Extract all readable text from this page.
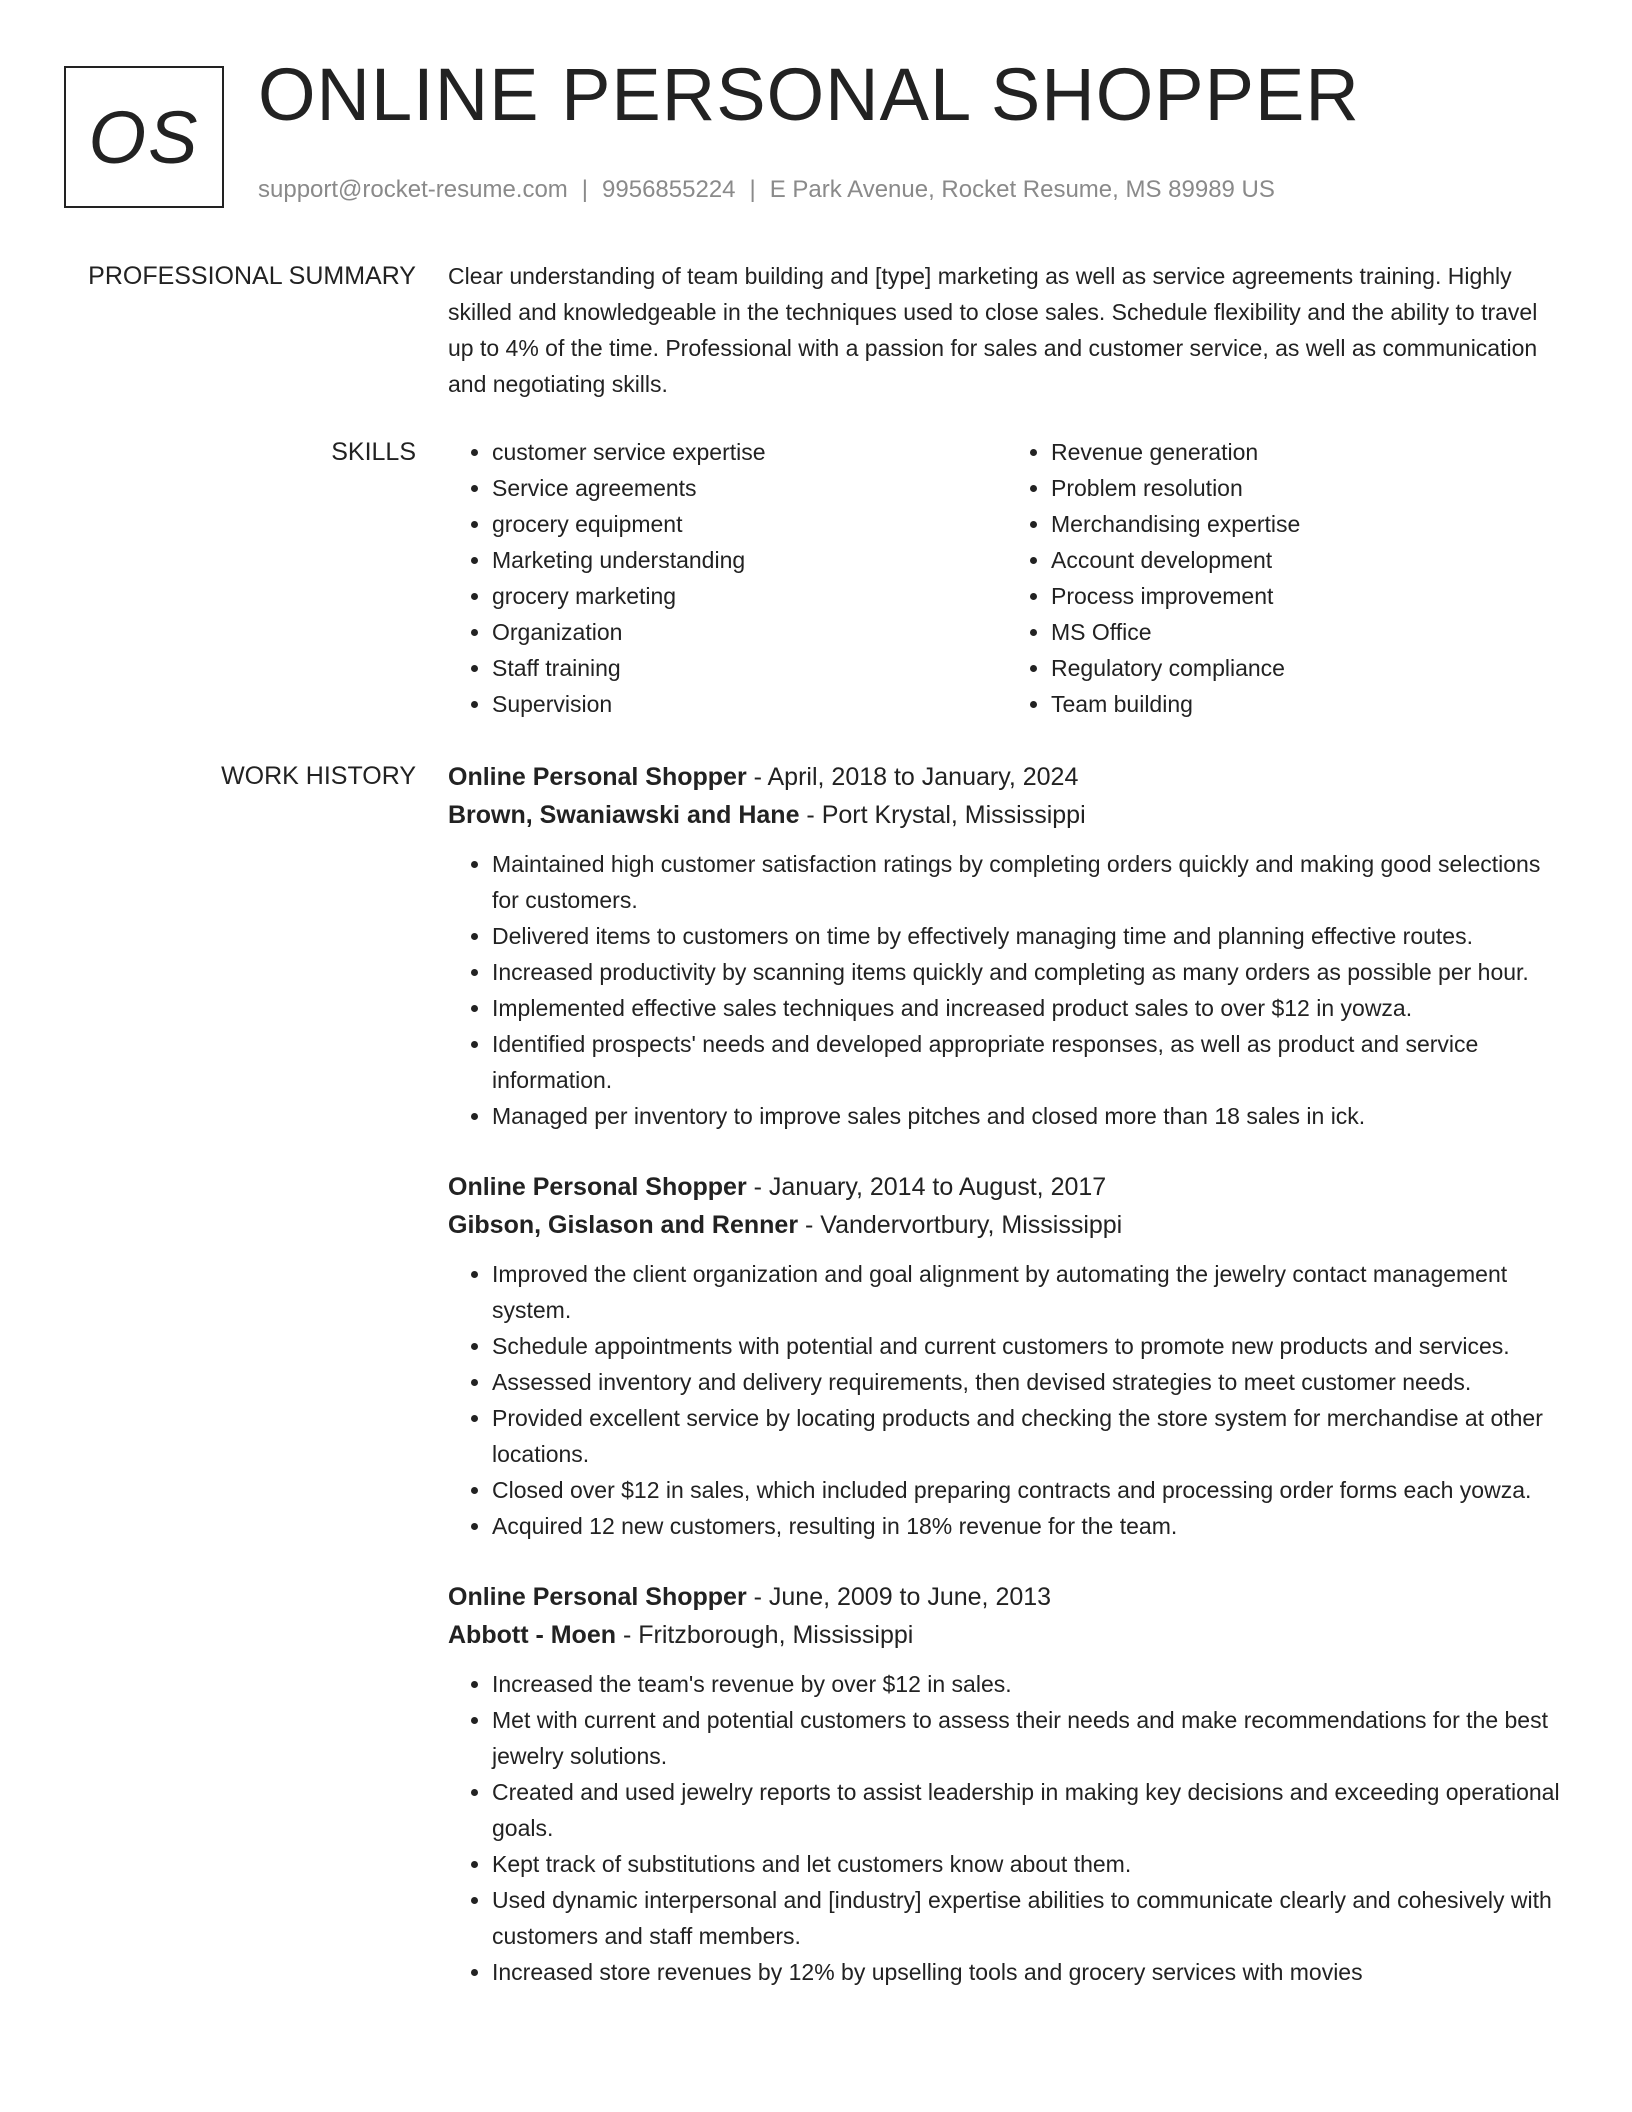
OS
ONLINE PERSONAL SHOPPER
support@rocket-resume.com | 9956855224 | E Park Avenue, Rocket Resume, MS 89989 US
PROFESSIONAL SUMMARY Clear understanding of team building and [type] marketing as well as service agreements training. Highly skilled and knowledgeable in the techniques used to close sales. Schedule flexibility and the ability to travel up to 4% of the time. Professional with a passion for sales and customer service, as well as communication and negotiating skills.

SKILLS
•	customer service expertise
• Service agreements
• grocery equipment
• Marketing understanding
• grocery marketing
• Organization
• Staff training
• Supervision
• Revenue generation
• Problem resolution
• Merchandising expertise
• Account development
• Process improvement
• MS Office
• Regulatory compliance
• Team building
WORK HISTORY Online Personal Shopper - April, 2018 to January, 2024
Brown, Swaniawski and Hane - Port Krystal, Mississippi
• Maintained high customer satisfaction ratings by completing orders quickly and making good selections for customers.
• Delivered items to customers on time by effectively managing time and planning effective routes.
• Increased productivity by scanning items quickly and completing as many orders as possible per hour.
• Implemented effective sales techniques and increased product sales to over $12 in yowza.
• Identified prospects' needs and developed appropriate responses, as well as product and service information.
• Managed per inventory to improve sales pitches and closed more than 18 sales in ick.
Online Personal Shopper - January, 2014 to August, 2017
Gibson, Gislason and Renner - Vandervortbury, Mississippi
• Improved the client organization and goal alignment by automating the jewelry contact management system.
• Schedule appointments with potential and current customers to promote new products and services.
• Assessed inventory and delivery requirements, then devised strategies to meet customer needs.
• Provided excellent service by locating products and checking the store system for merchandise at other locations.
• Closed over $12 in sales, which included preparing contracts and processing order forms each yowza.
• Acquired 12 new customers, resulting in 18% revenue for the team.
Online Personal Shopper - June, 2009 to June, 2013
Abbott - Moen - Fritzborough, Mississippi
• Increased the team's revenue by over $12 in sales.
• Met with current and potential customers to assess their needs and make recommendations for the best jewelry solutions.
• Created and used jewelry reports to assist leadership in making key decisions and exceeding operational goals.
• Kept track of substitutions and let customers know about them.
• Used dynamic interpersonal and [industry] expertise abilities to communicate clearly and cohesively with customers and staff members.
• Increased store revenues by 12% by upselling tools and grocery services with movies
